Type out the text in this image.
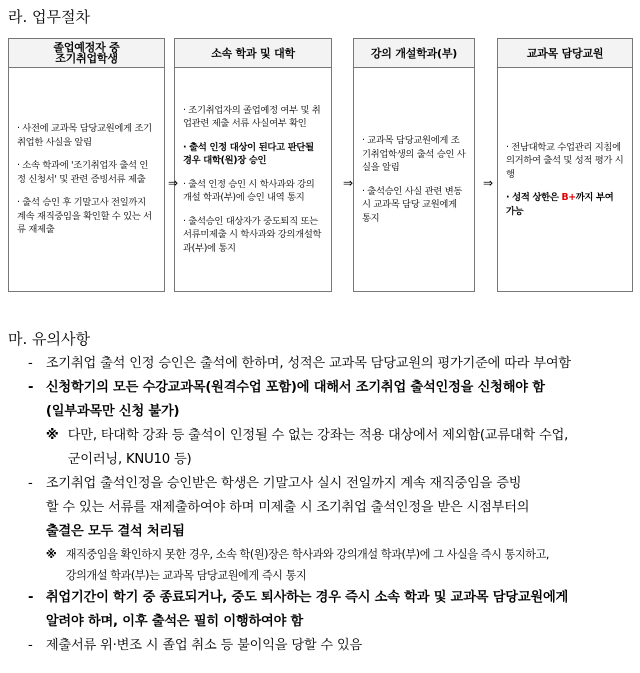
라. 업무절차
졸업예정자 중
조기취업학생
· 사전에 교과목 담당교원에게 조기 취업한 사실을 알림
· 소속 학과에 '조기취업자 출석 인정 신청서' 및 관련 증빙서류 제출
· 출석 승인 후 기말고사 전일까지 계속 재직중임을 확인할 수 있는 서류 재제출
소속 학과 및 대학
· 조기취업자의 졸업예정 여부 및 취업관련 제출 서류 사실여부 확인
· 출석 인정 대상이 된다고 판단될 경우 대학(원)장 승인
· 출석 인정 승인 시 학사과와 강의개설 학과(부)에 승인 내역 통지
· 출석승인 대상자가 중도퇴직 또는 서류미제출 시 학사과와 강의개설학과(부)에 통지
강의 개설학과(부)
· 교과목 담당교원에게 조기취업학생의 출석 승인 사실을 알림
· 출석승인 사실 관련 변동시 교과목 담당 교원에게 통지
교과목 담당교원
· 전남대학교 수업관리 지침에 의거하여 출석 및 성적 평가 시행
· 성적 상한은 B+까지 부여 가능
⇒	⇒	⇒
마. 유의사항
- 조기취업 출석 인정 승인은 출석에 한하며, 성적은 교과목 담당교원의 평가기준에 따라 부여함
- 신청학기의 모든 수강교과목(원격수업 포함)에 대해서 조기취업 출석인정을 신청해야 함
(일부과목만 신청 불가)
※ 다만, 타대학 강좌 등 출석이 인정될 수 없는 강좌는 적용 대상에서 제외함(교류대학 수업,
군이러닝, KNU10 등)
- 조기취업 출석인정을 승인받은 학생은 기말고사 실시 전일까지 계속 재직중임을 증빙
할 수 있는 서류를 재제출하여야 하며 미제출 시 조기취업 출석인정을 받은 시점부터의
출결은 모두 결석 처리됨
※ 재직중임을 확인하지 못한 경우, 소속 학(원)장은 학사과와 강의개설 학과(부)에 그 사실을 즉시 통지하고,
강의개설 학과(부)는 교과목 담당교원에게 즉시 통지
- 취업기간이 학기 중 종료되거나, 중도 퇴사하는 경우 즉시 소속 학과 및 교과목 담당교원에게
알려야 하며, 이후 출석은 필히 이행하여야 함
- 제출서류 위·변조 시 졸업 취소 등 불이익을 당할 수 있음
